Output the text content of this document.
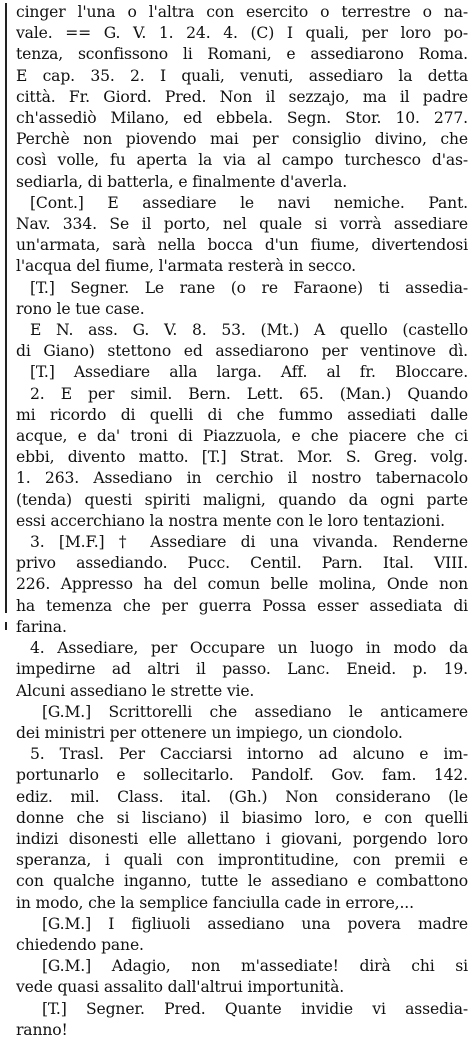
cinger l'una o l'altra con esercito o terrestre o na-
vale. == G. V. 1. 24. 4. (C) I quali, per loro po-
tenza, sconfissono li Romani, e assediarono Roma.
E cap. 35. 2. I quali, venuti, assediaro la detta
città. Fr. Giord. Pred. Non il sezzajo, ma il padre
ch'assediò Milano, ed ebbela. Segn. Stor. 10. 277.
Perchè non piovendo mai per consiglio divino, che
così volle, fu aperta la via al campo turchesco d'as-
sediarla, di batterla, e finalmente d'averla.
[Cont.] E assediare le navi nemiche. Pant.
Nav. 334. Se il porto, nel quale si vorrà assediare
un'armata, sarà nella bocca d'un fiume, divertendosi
l'acqua del fiume, l'armata resterà in secco.
[T.] Segner. Le rane (o re Faraone) ti assedia-
rono le tue case.
E N. ass. G. V. 8. 53. (Mt.) A quello (castello
di Giano) stettono ed assediarono per ventinove dì.
[T.] Assediare alla larga. Aff. al fr. Bloccare.
2. E per simil. Bern. Lett. 65. (Man.) Quando
mi ricordo di quelli di che fummo assediati dalle
acque, e da' troni di Piazzuola, e che piacere che ci
ebbi, divento matto. [T.] Strat. Mor. S. Greg. volg.
1. 263. Assediano in cerchio il nostro tabernacolo
(tenda) questi spiriti maligni, quando da ogni parte
essi accerchiano la nostra mente con le loro tentazioni.
3. [M.F.] † Assediare di una vivanda. Renderne
privo assediando. Pucc. Centil. Parn. Ital. VIII.
226. Appresso ha del comun belle molina, Onde non
ha temenza che per guerra Possa esser assediata di
farina.
4. Assediare, per Occupare un luogo in modo da
impedirne ad altri il passo. Lanc. Eneid. p. 19.
Alcuni assediano le strette vie.
[G.M.] Scrittorelli che assediano le anticamere
dei ministri per ottenere un impiego, un ciondolo.
5. Trasl. Per Cacciarsi intorno ad alcuno e im-
portunarlo e sollecitarlo. Pandolf. Gov. fam. 142.
ediz. mil. Class. ital. (Gh.) Non considerano (le
donne che si lisciano) il biasimo loro, e con quelli
indizi disonesti elle allettano i giovani, porgendo loro
speranza, i quali con improntitudine, con premii e
con qualche inganno, tutte le assediano e combattono
in modo, che la semplice fanciulla cade in errore,...
[G.M.] I figliuoli assediano una povera madre
chiedendo pane.
[G.M.] Adagio, non m'assediate! dirà chi si
vede quasi assalito dall'altrui importunità.
[T.] Segner. Pred. Quante invidie vi assedia-
ranno!
